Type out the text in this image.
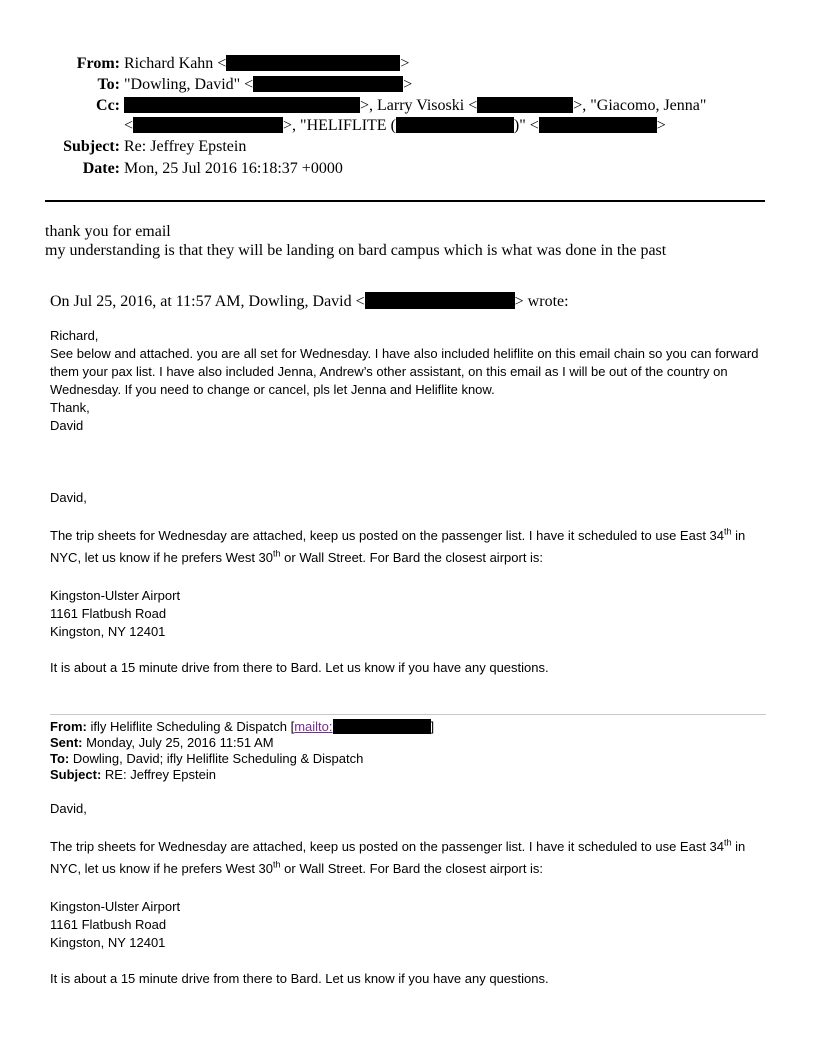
From: Richard Kahn <	>
To: "Dowling, David" <	>
Cc:	>, Larry Visoski <	>, "Giacomo, Jenna"
<	>, "HELIFLITE (	)" <	>
Subject: Re: Jeffrey Epstein
Date: Mon, 25 Jul 2016 16:18:37 +0000
thank you for email
my understanding is that they will be landing on bard campus which is what was done in the past
On Jul 25, 2016, at 11:57 AM, Dowling, David <	> wrote:

Richard,

See below and attached. you are all set for Wednesday. I have also included heliflite on this email chain so you can forward them your pax list. I have also included Jenna, Andrew’s other assistant, on this email as I will be out of the country on Wednesday. If you need to change or cancel, pls let Jenna and Heliflite know.

Thank,

David

David,

The trip sheets for Wednesday are attached, keep us posted on the passenger list. I have it scheduled to use East 34th in NYC, let us know if he prefers West 30th or Wall Street. For Bard the closest airport is:

Kingston-Ulster Airport

1161 Flatbush Road

Kingston, NY 12401

It is about a 15 minute drive from there to Bard. Let us know if you have any questions.

From: ifly Heliflite Scheduling & Dispatch [mailto:	]
Sent: Monday, July 25, 2016 11:51 AM
To: Dowling, David; ifly Heliflite Scheduling & Dispatch
Subject: RE: Jeffrey Epstein

David,

The trip sheets for Wednesday are attached, keep us posted on the passenger list. I have it scheduled to use East 34th in NYC, let us know if he prefers West 30th or Wall Street. For Bard the closest airport is:

Kingston-Ulster Airport

1161 Flatbush Road

Kingston, NY 12401

It is about a 15 minute drive from there to Bard. Let us know if you have any questions.
